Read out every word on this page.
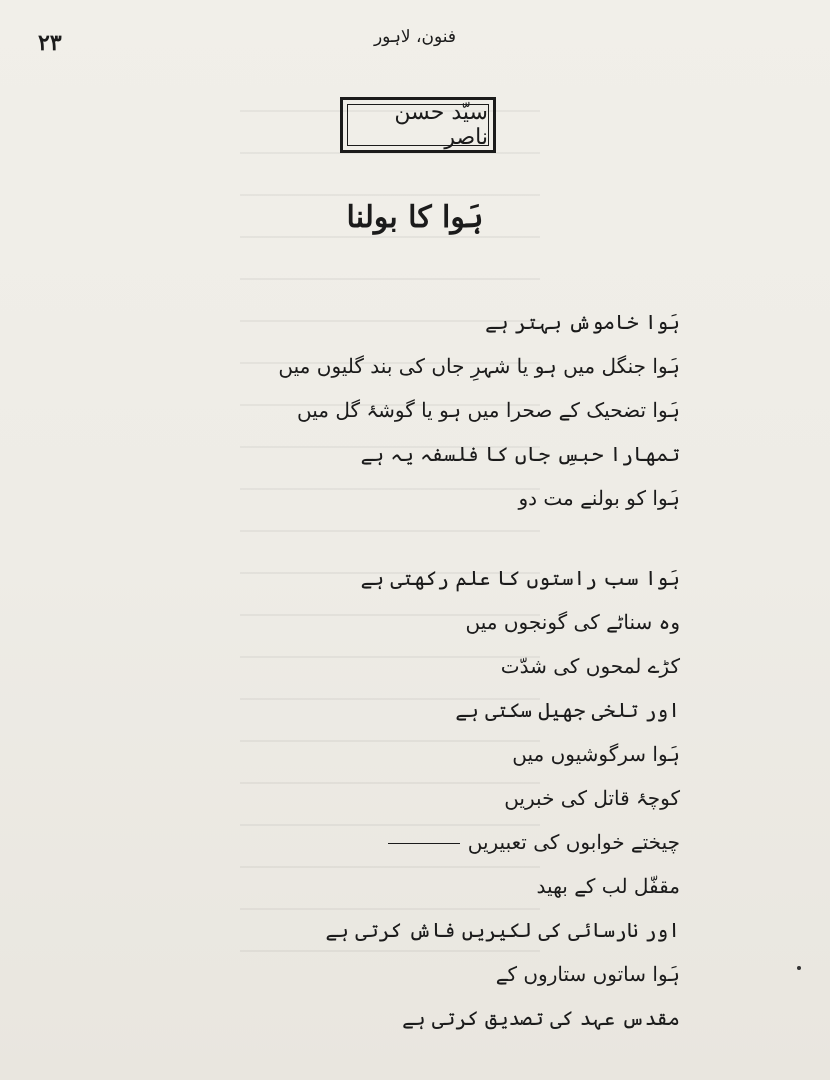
۲۳	فنون، لاہور
سیّد حسن ناصر
ہَوا کا بولنا
ہَوا خاموش بہتر ہے
ہَوا جنگل میں ہو یا شہرِ جاں کی بند گلیوں میں
ہَوا تضحیک کے صحرا میں ہو یا گوشۂ گل میں
تمھارا حبسِ جاں کا فلسفہ یہ ہے
ہَوا کو بولنے مت دو
ہَوا سب راستوں کا علم رکھتی ہے
وہ سناٹے کی گونجوں میں
کڑے لمحوں کی شدّت
اور تلخی جھیل سکتی ہے
ہَوا سرگوشیوں میں
کوچۂ قاتل کی خبریں
چیختے خوابوں کی تعبیریں
مقفّل لب کے بھید
اور نارسائی کی لکیریں فاش کرتی ہے
ہَوا ساتوں ستاروں کے
مقدس عہد کی تصدیق کرتی ہے
